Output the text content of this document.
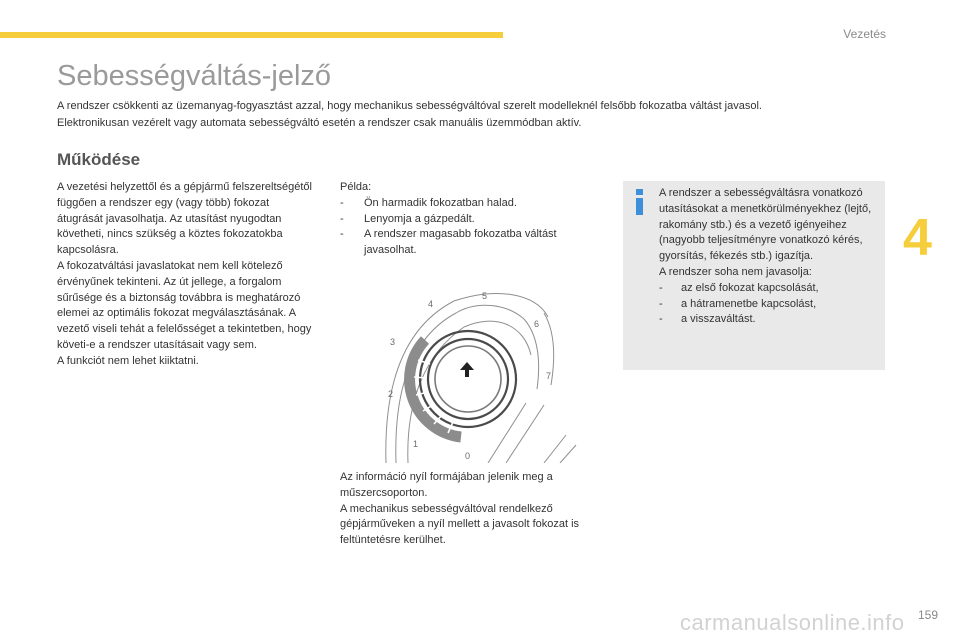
Vezetés
4
Sebességváltás-jelző

A rendszer csökkenti az üzemanyag-fogyasztást azzal, hogy mechanikus sebességváltóval szerelt modelleknél felsőbb fokozatba váltást javasol.

Elektronikusan vezérelt vagy automata sebességváltó esetén a rendszer csak manuális üzemmódban aktív.

Működése

A vezetési helyzettől és a gépjármű felszereltségétől függően a rendszer egy (vagy több) fokozat átugrását javasolhatja. Az utasítást nyugodtan követheti, nincs szükség a köztes fokozatokba kapcsolásra.

A fokozatváltási javaslatokat nem kell kötelező érvényűnek tekinteni. Az út jellege, a forgalom sűrűsége és a biztonság továbbra is meghatározó elemei az optimális fokozat megválasztásának. A vezető viseli tehát a felelősséget a tekintetben, hogy követi-e a rendszer utasításait vagy sem.

A funkciót nem lehet kiiktatni.

Példa:

- Ön harmadik fokozatban halad.
- Lenyomja a gázpedált.
- A rendszer magasabb fokozatba váltást javasolhat.

A rendszer a sebességváltásra vonatkozó utasításokat a menetkörülményekhez (lejtő, rakomány stb.) és a vezető igényeihez (nagyobb teljesítményre vonatkozó kérés, gyorsítás, fékezés stb.) igazítja.

A rendszer soha nem javasolja:

- az első fokozat kapcsolását,
- a hátramenetbe kapcsolást,
- a visszaváltást.
0
1
2
3
4
5
6
7

Az információ nyíl formájában jelenik meg a műszercsoporton.

A mechanikus sebességváltóval rendelkező gépjárműveken a nyíl mellett a javasolt fokozat is feltüntetésre kerülhet.

159
carmanualsonline.info
